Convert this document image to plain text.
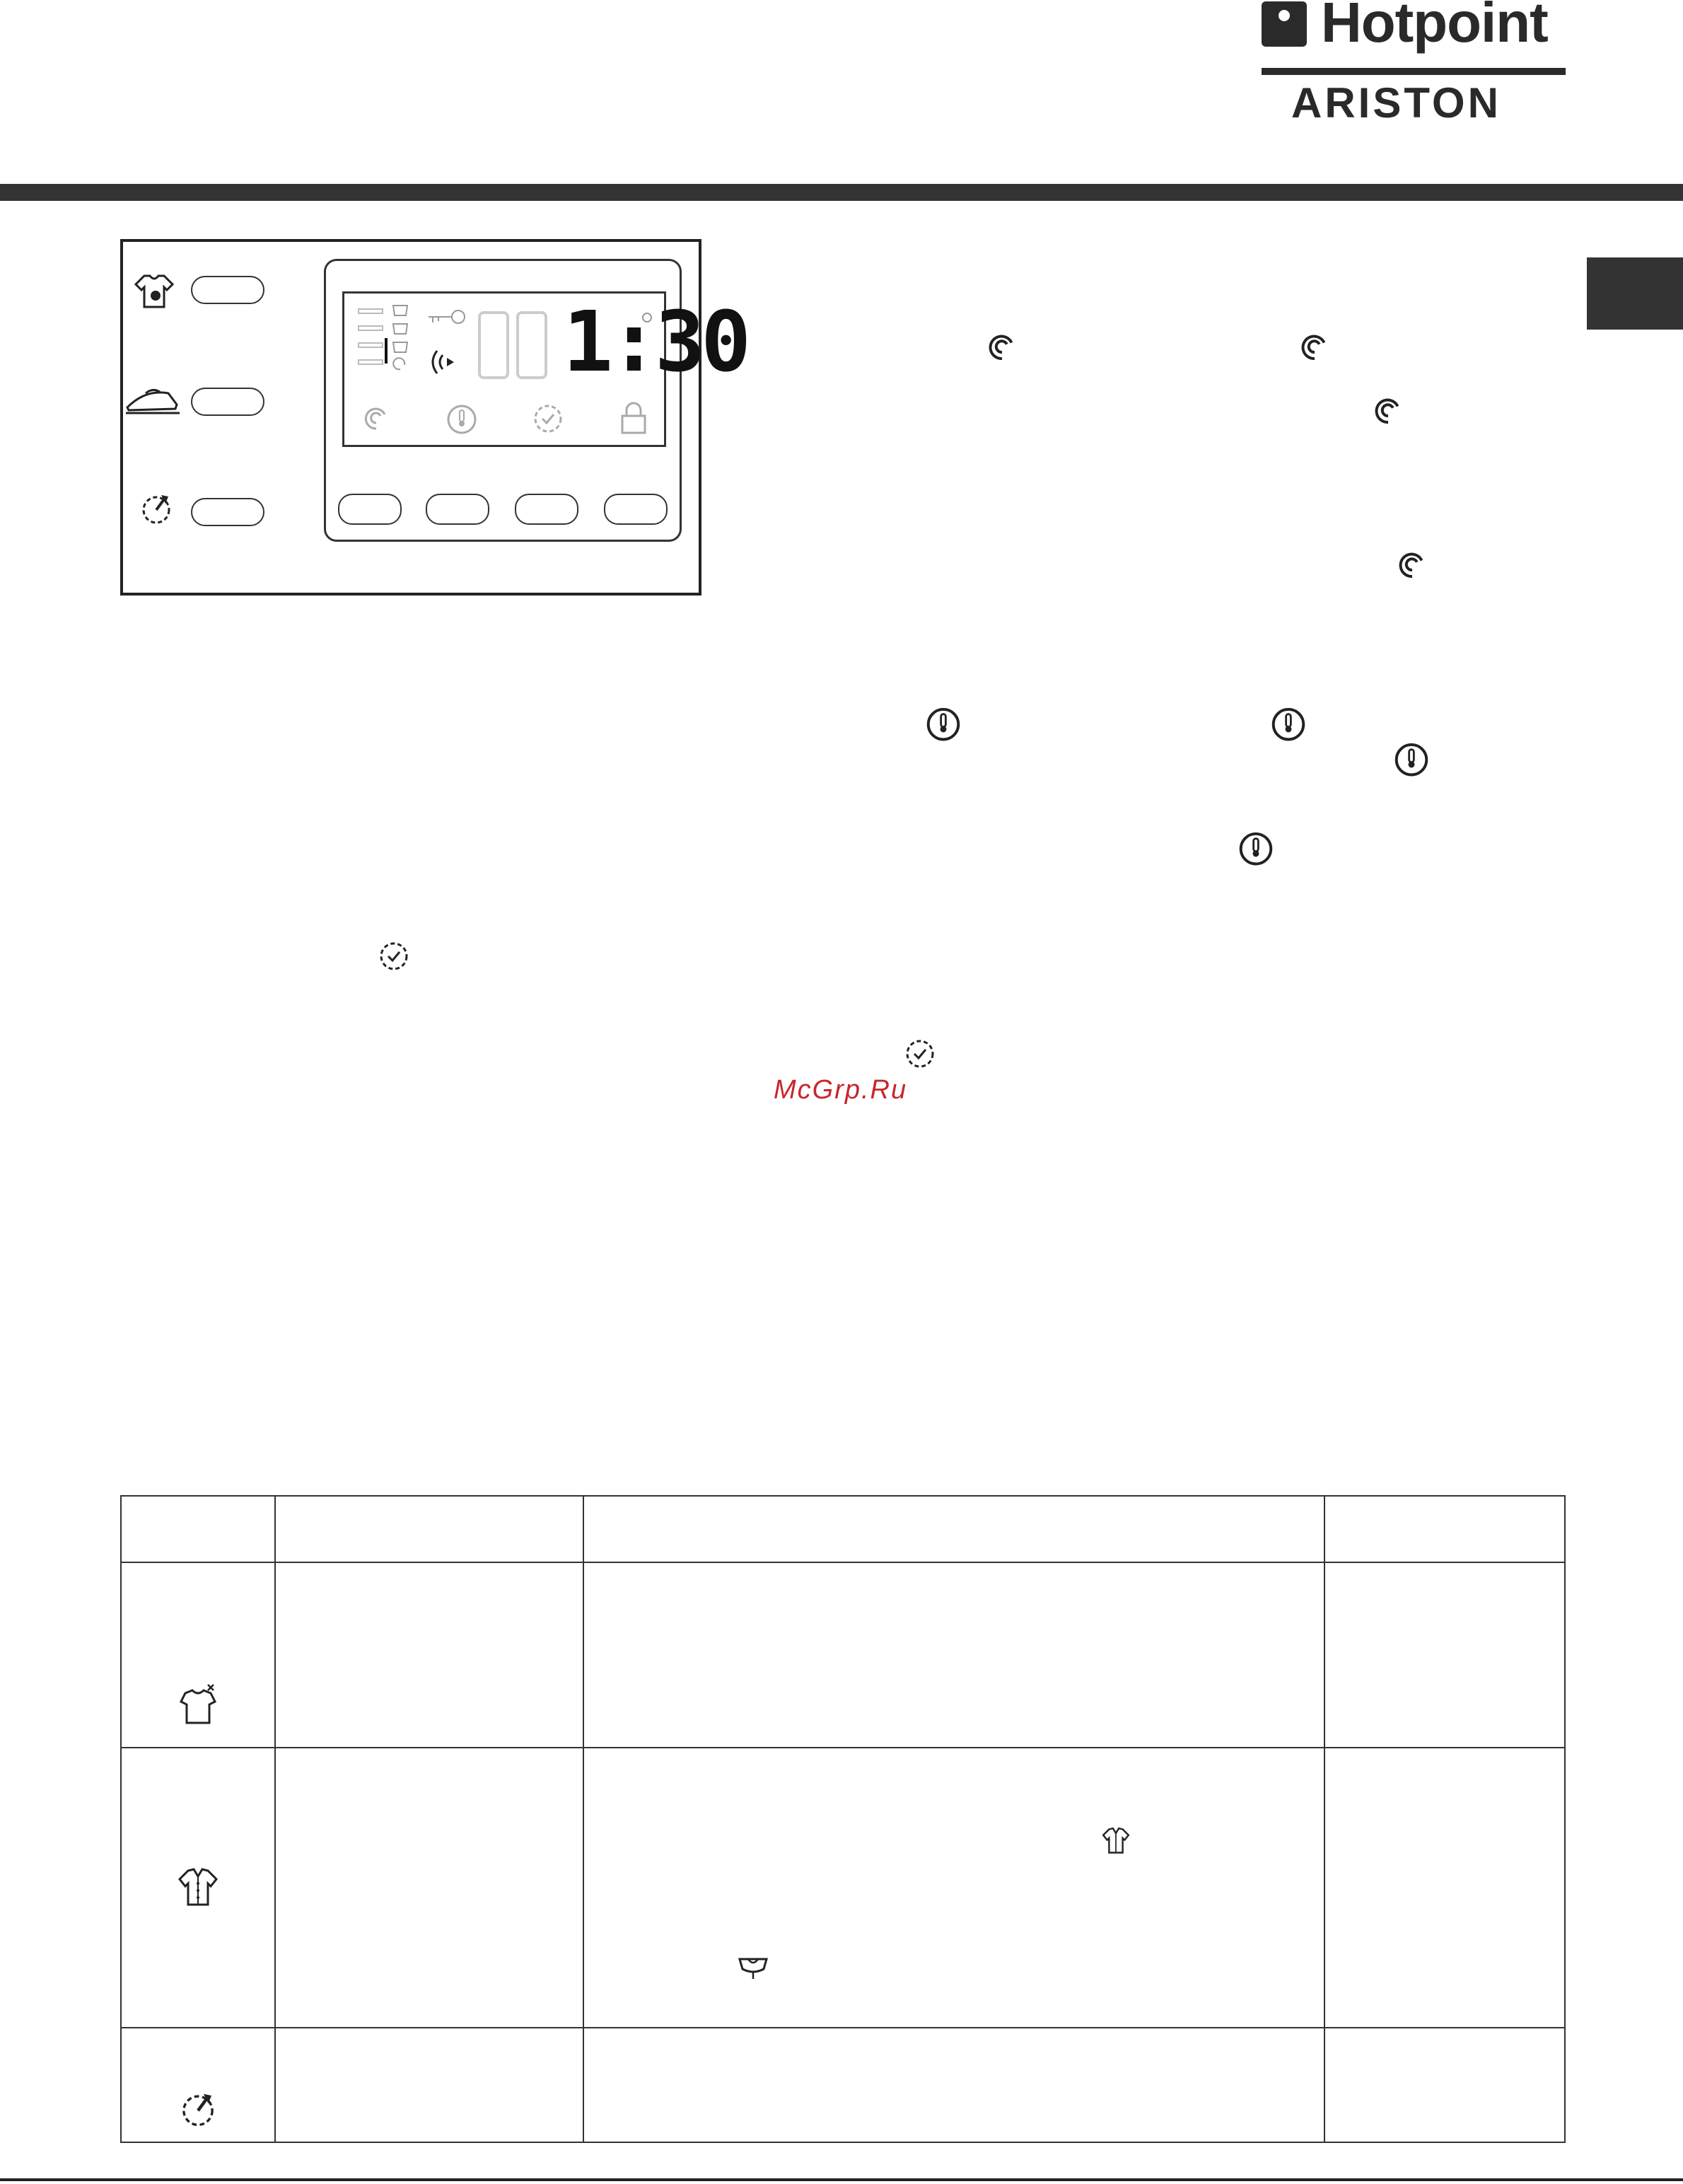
Hotpoint
ARISTON
1:30
McGrp.Ru
